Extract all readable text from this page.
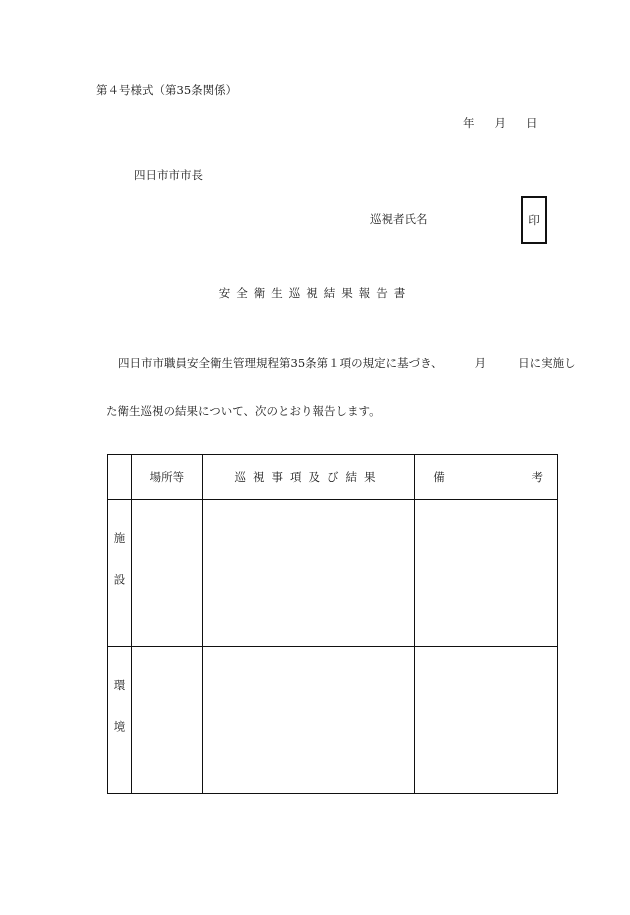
第４号様式（第35条関係）
年 月 日
四日市市市長
巡視者氏名	印
安全衛生巡視結果報告書
四日市市職員安全衛生管理規程第35条第１項の規定に基づき、	月	日に実施し
た衛生巡視の結果について、次のとおり報告します。
	場所等	巡視事項及び結果	備 考

施設			

環境			
